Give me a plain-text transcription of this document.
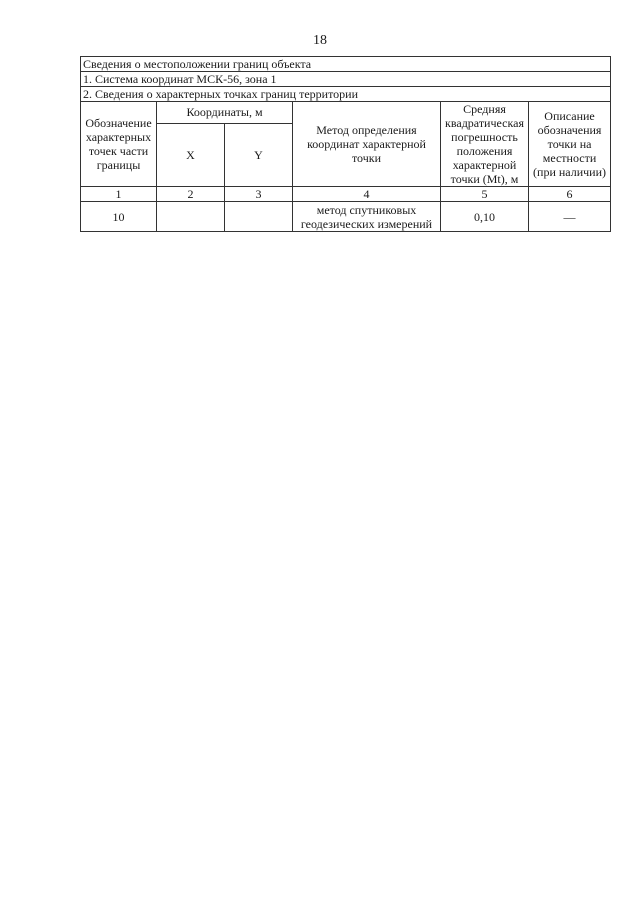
18
Сведения о местоположении границ объекта					
1. Система координат МСК-56, зона 1					
2. Сведения о характерных точках границ территории					
Обозначение характерных точек части границы	Координаты, м		Метод определения координат характерной точки	Средняя квадратическая погрешность положения характерной точки (Mt), м	Описание обозначения точки на местности (при наличии)
	X	Y			
1	2	3	4	5	6
10			метод спутниковых геодезических измерений	0,10	—
